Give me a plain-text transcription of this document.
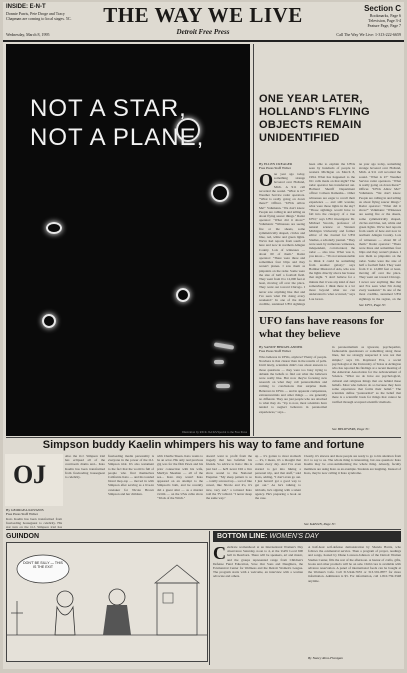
INSIDE: E-N-T
Donnie Parris, Pete Droge and Tracy Chapman are coming to local stages. 5C.
Wednesday, March 8, 1995
THE WAY WE LIVE
Detroit Free Press
Section C
Bookmarks, Page 6
Television, Page 3-4
Feature Page, Page 7
Call The Way We Live: 1-313-222-6659
NOT A STAR,
NOT A PLANE,
Illustration by RICK JACKS/Special to the Free Press
ONE YEAR LATER, HOLLAND'S FLYING OBJECTS REMAIN UNIDENTIFIED
By ELLEN CREAGER
Free Press Staff Writer
One year ago today, something strange hovered over Holland, Mich. A 911 call recorded the sound. "What is it?" Weather Service radar operators. "What is really going on down there?" Officer. "UFOs Allow Me!" Volkmann. "We don't know. People are calling in and telling us about flying saucer things." Radar operator: "What did it show?" Volkmann: "Witnesses are seeing fire or the sheets, some symmetrically shaped, circles and blue, red, white and green lights. We've had reports from south of here and now in northern Allegan County. Lots of witnesses — about 60 of them." Radar operator: "There were three and sometimes four blips and they weren't planes. I saw them as pinpoints on the radar. Some were the size of half a football field. They went from 0 to 12,000 feet at least, moving off over the place. They went out toward Chicago. I never saw anything like that and I've seen what I'm doing every weekend." In one of the most credible, sustained UFO sightings
been able to explain the UFOs seen by hundreds of people in western Michigan on March 8, 1994. What has happened to the 911 calls made on that night? The radar operator has transferred out. Holland Sheriff Department officer Colleen Ramesha... Other witnesses are eager to recall their experience — and still wonder, what were those lights in the sky? "Those sightings would have to fall into the category of a true UFO," says UFO investigator Dr. Michael Swords, professor of natural science at Western Michigan University and former editor of the Journal for UFO Studies, a scholarly journal. "They were seen by numerous witnesses, independent, corroborated, the radar — also true. What was it, you know.... "It's not unreasonable to think it could be something from another galaxy," says Bomber Mustard of Ada, who saw the lights directly above her house that night. "I don't believe for a minute that it was any kind of deer somewhere. I think there is a lot more beyond what we can understand is what occurred," says Lou Grace.
ne year ago today, something strange hovered over Holland, Mich. A 911 call recorded the sound. "What is it?" Weather Service radar operators. "What is really going on down there?" Officer. "UFOs Allow Me!" Volkmann. "We don't know. People are calling in and telling us about flying saucer things." Radar operator: "What did it show?" Volkmann: "Witnesses are seeing fire or the sheets, some symmetrically shaped, circles and blue, red, white and green lights. We've had reports from south of here and now in northern Allegan County. Lots of witnesses — about 60 of them." Radar operator: "There were three and sometimes four blips and they weren't planes. I saw them as pinpoints on the radar. Some were the size of half a football field. They went from 0 to 12,000 feet at least, moving off over the place. They went out toward Chicago. I never saw anything like that and I've seen what I'm doing every weekend." In one of the most credible, sustained UFO sightings in the region, on the
See UFO, Page 3C
UFO fans have reasons for what they believe
By SANDY BERGELANDER
Free Press Staff Writer
Who believes in UFOs, anyhow? Plenty of people. Nowhere is that clearer than in the results of polls. Until lately, scientists didn't care about answers to those questions — they were too busy trying to debunk the beliefs to find out what the believers were really like. But now they're focusing new research on what they call paranormalists and coming to conclusions that surprise them. Believers in UFOs — and in apparent companions, extraterrestrials and other things — are generally no different. They are just people who are attached to what they do. "Up to now, most scientists have tended to neglect believers in paranormal experiences," says...
in paranormalism as ignorant, psychopathic, fashionable questioners or something along those lines, but we strongly suspected it was not that simple," says Dr. Raymond Eve, a social psychologist at the University of Texas at Arlington who has reported his findings at a recent meeting of the American Association for the Advancement of Science. "What we do have are psychological, cultural and religious things that are behind these beliefs. Most who believe do so because they have some experience that forms their belief." The scientists define "paranormal" as the belief that there is a scientific basis for things that cannot be verified through accepted scientific methods.
See BELIEVERS, Page 3C
Simpson buddy Kaelin whimpers his way to fame and fortune
O J
By GEORGEA KOVANIS
Free Press Staff Writer
Kato Kaelin has been transformed from freeloading houseguest to celebrity. His star turn on the O.J. Simpson trial has
Also the O.J. Simpson trial has eclipsed all of the courtroom drama and... Kato Kaelin has been transformed from freeloading houseguest to celebrity.
freeloading media personality is everyone in the power of the O.J. Simpson trial. It's also testament to the fact that the world is full of people who find themselves California Kato — and his tousled blond mop-top — moved in with Simpson after serving as a live-in caretaker for Nicole Brown Simpson and her children.
with Charlie Sheen. Kato wants to be an actor. His only real previous gig was for the film Pawn and his prior connection with his wife, Marilyn Sheehan — all of the sea... Kato may wasn't Kato appeared on an attempt to the Simpson's bath, and he recently did a guest stint — as a murder victim — on the USA cable show "Trials of the Witch."
doesn't want to profit from the tragedy that has befallen his friends. So advice to Kato: this is just bad — he'll never DO a live show sound to the National Enquirer. "My sleep pattern is so ... totally screwed up ... sort of like cereal, like Nicole and it's, it's nice, very sad," a tortured Kato told the TV tabloid. "I never sleep the same way."
up ... it's gotten to most stomach — it's, I mean, it's a thought that comes every day. And I've even started to get into hiking a personal trip, and that stuff," said Kato, adding, "I don't even go out. I just haven't got a good way to get out." As he's talking to tabloids, he's signing with a talent agency. He's preparing a book on the case.
Clearly, it's sincere and more people are ready to go to his attention from O.J. to say to us. The whole thing is interesting, but one question: Kato Kaelin may be over-summarizing the whole thing. Already, faculty members are using Kato as an example. Students are laughing. Instead of Kato, they're now calling it Kato syndrome.
See KAELIN, Page 3C
GUINDON
DON'T BE SILLY — THIS IS THE EXIT
BOTTOM LINE: WOMEN'S DAY
Celebrate womanhood at an International Women's Day observance Saturday, noon to 4, at the UAW Local 600 hall in Dearborn. There will be speakers, art and music, and the groups represented range from Children's Defense Fund Education, Save Our Sons and Daughters, the Ecumenical Center for Wellness and the Detroit Women's League. The program starts with a welcome, an interview with a woman advocate and others.
A half-hour self-defense demonstration by Shanda Harris, who follows the ecumenical service. Then a program of prayer, readings and songs, hosted by Diane Lawson-Johnson of the Detroit Women Studies Center, fills the rest of the afternoon. A bazaar of crafts, gifts, books and other products will be on sale. Child care is available with advance reservation. A panel of international foods can be bought at the Women's Cafe. Call 313-944-7655 or 313-591-8877 for more information. Admission is $5. For information, call 1-810-759-3348 anytime.
By Nancy Ross-Flanigan
